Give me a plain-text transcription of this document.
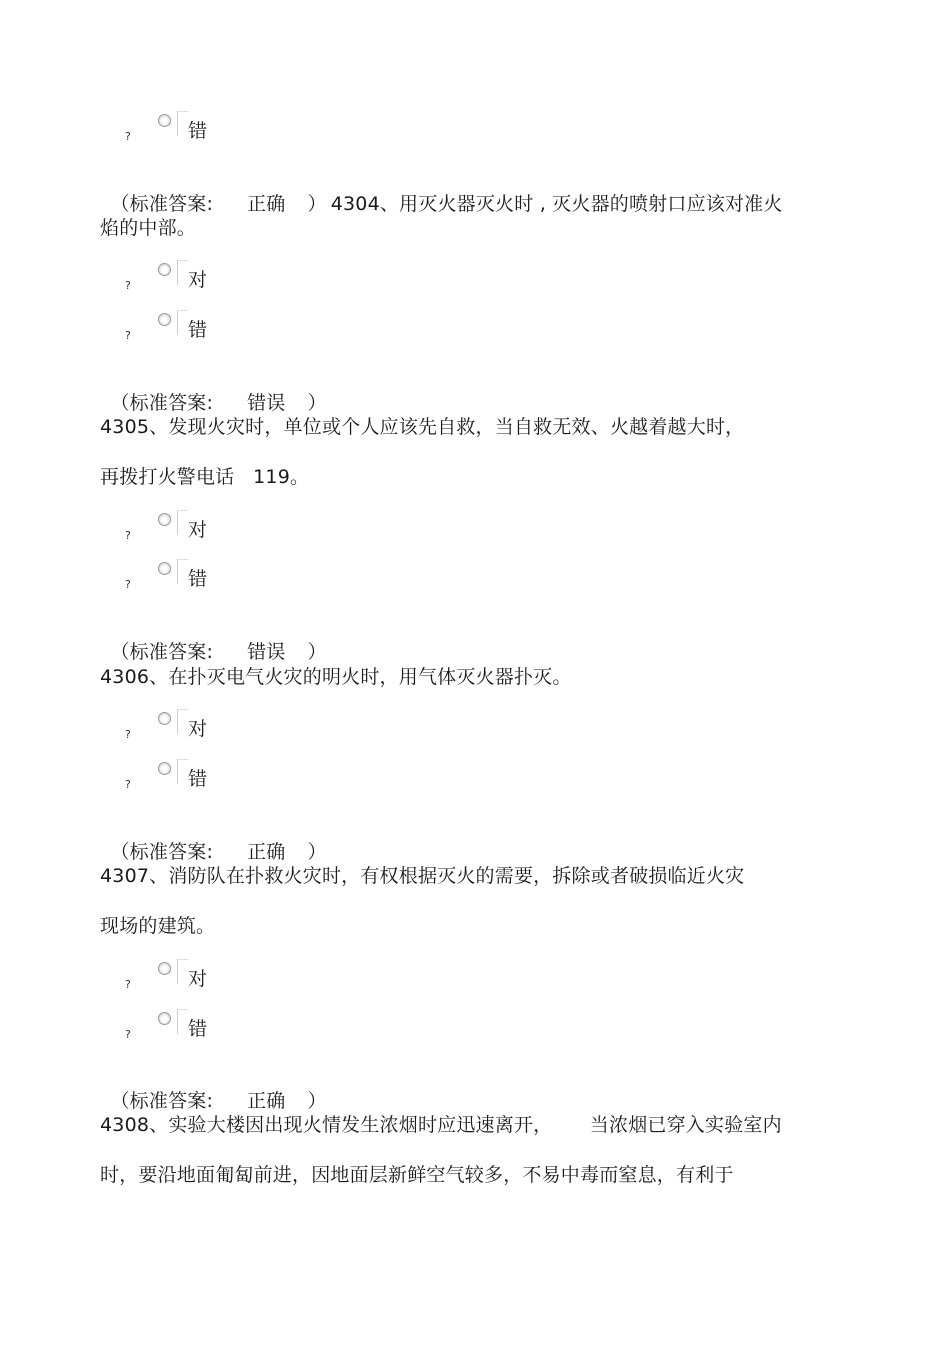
?	错

（标准答案: 正确 ） 4304、用灭火器灭火时 , 灭火器的喷射口应该对准火

焰的中部。
?	对
?	错

（标准答案: 错误 ）

4305、发现火灾时，单位或个人应该先自救，当自救无效、火越着越大时，
再拨打火警电话   119。
?	对
?	错

（标准答案: 错误 ）

4306、在扑灭电气火灾的明火时，用气体灭火器扑灭。
?	对
?	错

（标准答案: 正确 ）

4307、消防队在扑救火灾时，有权根据灭火的需要，拆除或者破损临近火灾
现场的建筑。
?	对
?	错

（标准答案: 正确 ）

4308、实验大楼因出现火情发生浓烟时应迅速离开，      当浓烟已穿入实验室内
时，要沿地面匍匐前进，因地面层新鲜空气较多，不易中毒而窒息，有利于
